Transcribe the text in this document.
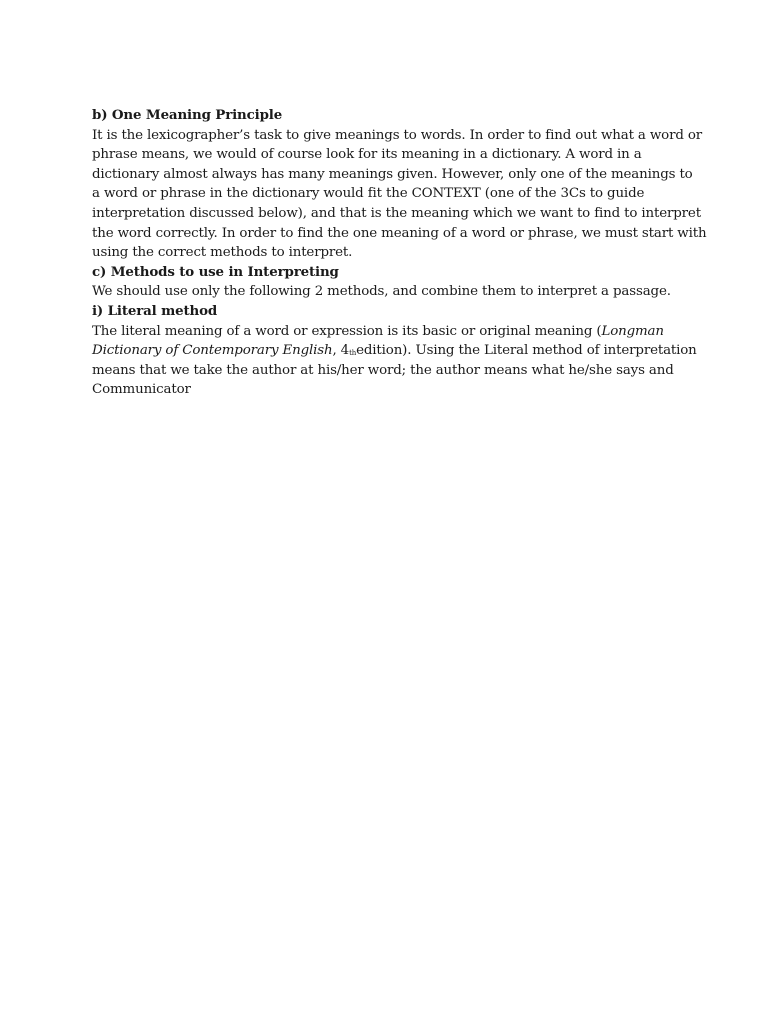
b) One Meaning Principle

It is the lexicographer’s task to give meanings to words. In order to find out what a word or
phrase means, we would of course look for its meaning in a dictionary. A word in a
dictionary almost always has many meanings given. However, only one of the meanings to
a word or phrase in the dictionary would fit the CONTEXT (one of the 3Cs to guide
interpretation discussed below), and that is the meaning which we want to find to interpret
the word correctly. In order to find the one meaning of a word or phrase, we must start with
using the correct methods to interpret.

c) Methods to use in Interpreting

We should use only the following 2 methods, and combine them to interpret a passage.

i) Literal method

The literal meaning of a word or expression is its basic or original meaning (Longman
Dictionary of Contemporary English, $4_{th}edition$). Using the Literal method of interpretation
means that we take the author at his/her word; the author means what he/she says and
Communicator
